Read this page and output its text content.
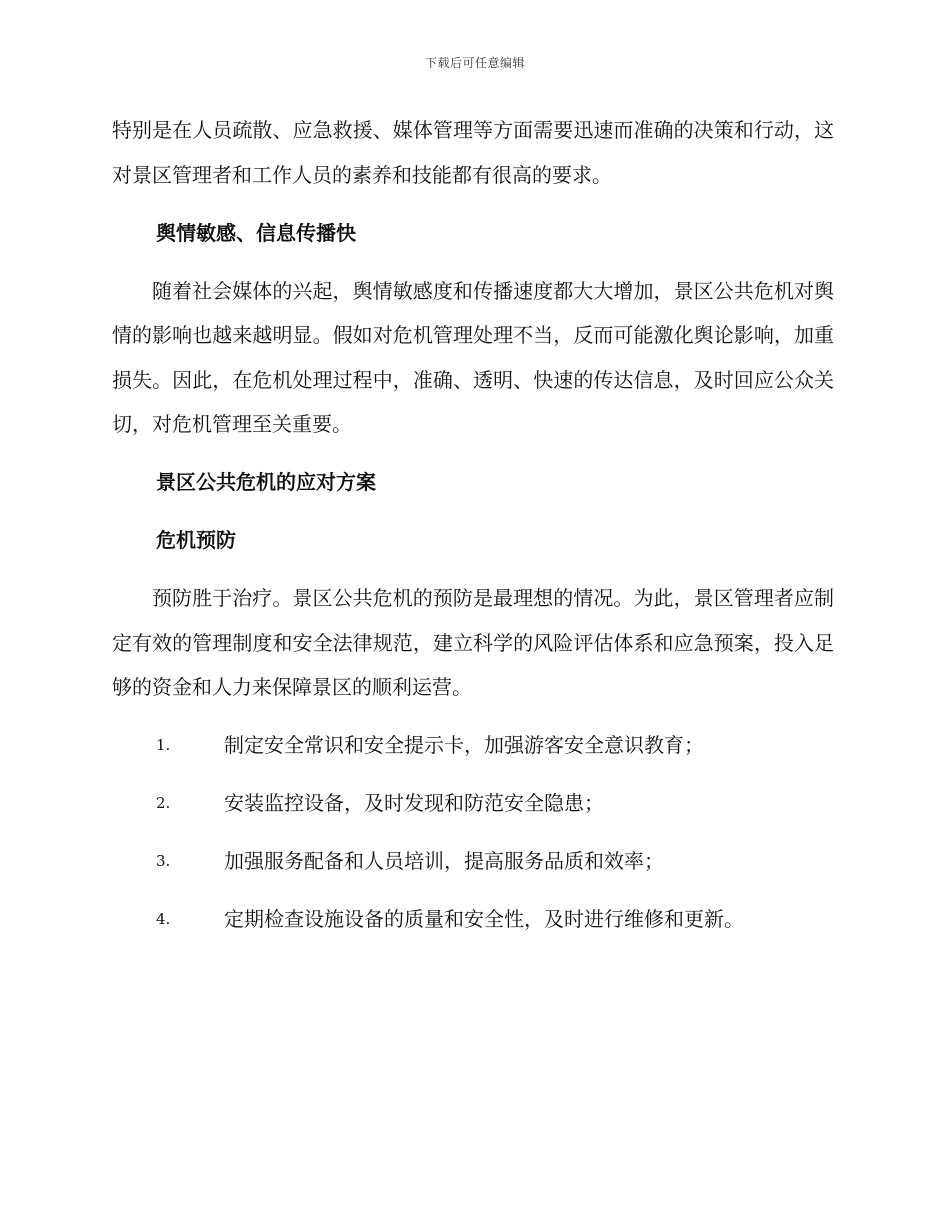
下载后可任意编辑

特别是在人员疏散、应急救援、媒体管理等方面需要迅速而准确的决策和行动，这对景区管理者和工作人员的素养和技能都有很高的要求。

舆情敏感、信息传播快

随着社会媒体的兴起，舆情敏感度和传播速度都大大增加，景区公共危机对舆情的影响也越来越明显。假如对危机管理处理不当，反而可能激化舆论影响，加重损失。因此，在危机处理过程中，准确、透明、快速的传达信息，及时回应公众关切，对危机管理至关重要。

景区公共危机的应对方案
危机预防

预防胜于治疗。景区公共危机的预防是最理想的情况。为此，景区管理者应制定有效的管理制度和安全法律规范，建立科学的风险评估体系和应急预案，投入足够的资金和人力来保障景区的顺利运营。

1.	制定安全常识和安全提示卡，加强游客安全意识教育；
2.	安装监控设备，及时发现和防范安全隐患；
3.	加强服务配备和人员培训，提高服务品质和效率；
4.	定期检查设施设备的质量和安全性，及时进行维修和更新。
